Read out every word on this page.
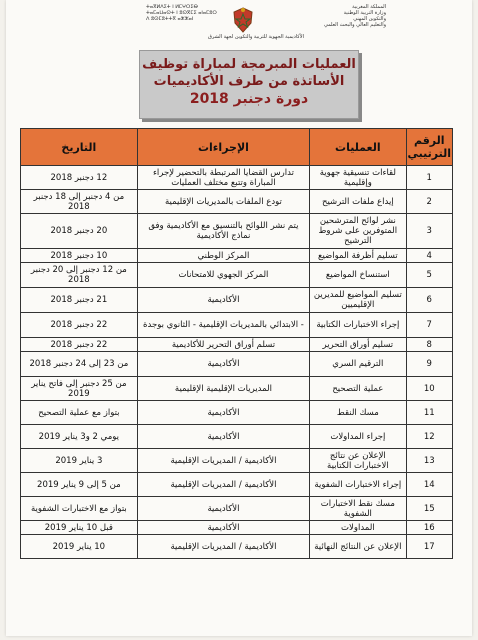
ⵜⴰⴳⵍⴷⵉⵜ ⵏ ⵍⵎⵖⵔⵉⴱ
ⵜⴰⵎⴰⵡⴰⵙⵜ ⵏ ⵓⵙⴳⵎⵉ ⴰⵏⴰⵎⵓⵔ
ⴷ ⵓⵙⵎⵓⵜⵜⴳ ⴰⵣⵣⴰⵏ
المملكة المغربية
وزارة التربية الوطنية
والتكوين المهني
والتعليم العالي والبحث العلمي
الأكاديمية الجهوية للتربية والتكوين لجهة الشرق
العمليات المبرمجة لمباراة توظيف
الأساتذة من طرف الأكاديميات
دورة دجنبر 2018
الرقم الترتيبي	العمليات	الإجراءات	التاريخ
1	لقاءات تنسيقية جهوية وإقليمية	تدارس القضايا المرتبطة بالتحضير لإجراء المباراة وتتبع مختلف العمليات	12 دجنبر 2018
2	إيداع ملفات الترشيح	تودع الملفات بالمديريات الإقليمية	من 4 دجنبر إلى 18 دجنبر 2018
3	نشر لوائح المترشحين المتوفرين على شروط الترشيح	يتم نشر اللوائح بالتنسيق مع الأكاديمية وفق نماذج الأكاديمية	20 دجنبر 2018
4	تسليم أظرفة المواضيع	المركز الوطني	10 دجنبر 2018
5	استنساخ المواضيع	المركز الجهوي للامتحانات	من 12 دجنبر إلى 20 دجنبر 2018
6	تسليم المواضيع للمديرين الإقليميين	الأكاديمية	21 دجنبر 2018
7	إجراء الاختبارات الكتابية	- الابتدائي بالمديريات الإقليمية - الثانوي بوجدة	22 دجنبر 2018
8	تسليم أوراق التحرير	تسلم أوراق التحرير للأكاديمية	22 دجنبر 2018
9	الترقيم السري	الأكاديمية	من 23 إلى 24 دجنبر 2018
10	عملية التصحيح	المديريات الإقليمية الإقليمية	من 25 دجنبر إلى فاتح يناير 2019
11	مسك النقط	الأكاديمية	بتواز مع عملية التصحيح
12	إجراء المداولات	الأكاديمية	يومي 2 و3 يناير 2019
13	الإعلان عن نتائج الاختبارات الكتابية	الأكاديمية / المديريات الإقليمية	3 يناير 2019
14	إجراء الاختبارات الشفوية	الأكاديمية / المديريات الإقليمية	من 5 إلى 9 يناير 2019
15	مسك نقط الاختبارات الشفوية	الأكاديمية	بتواز مع الاختبارات الشفوية
16	المداولات	الأكاديمية	قبل 10 يناير 2019
17	الإعلان عن النتائج النهائية	الأكاديمية / المديريات الإقليمية	10 يناير 2019
